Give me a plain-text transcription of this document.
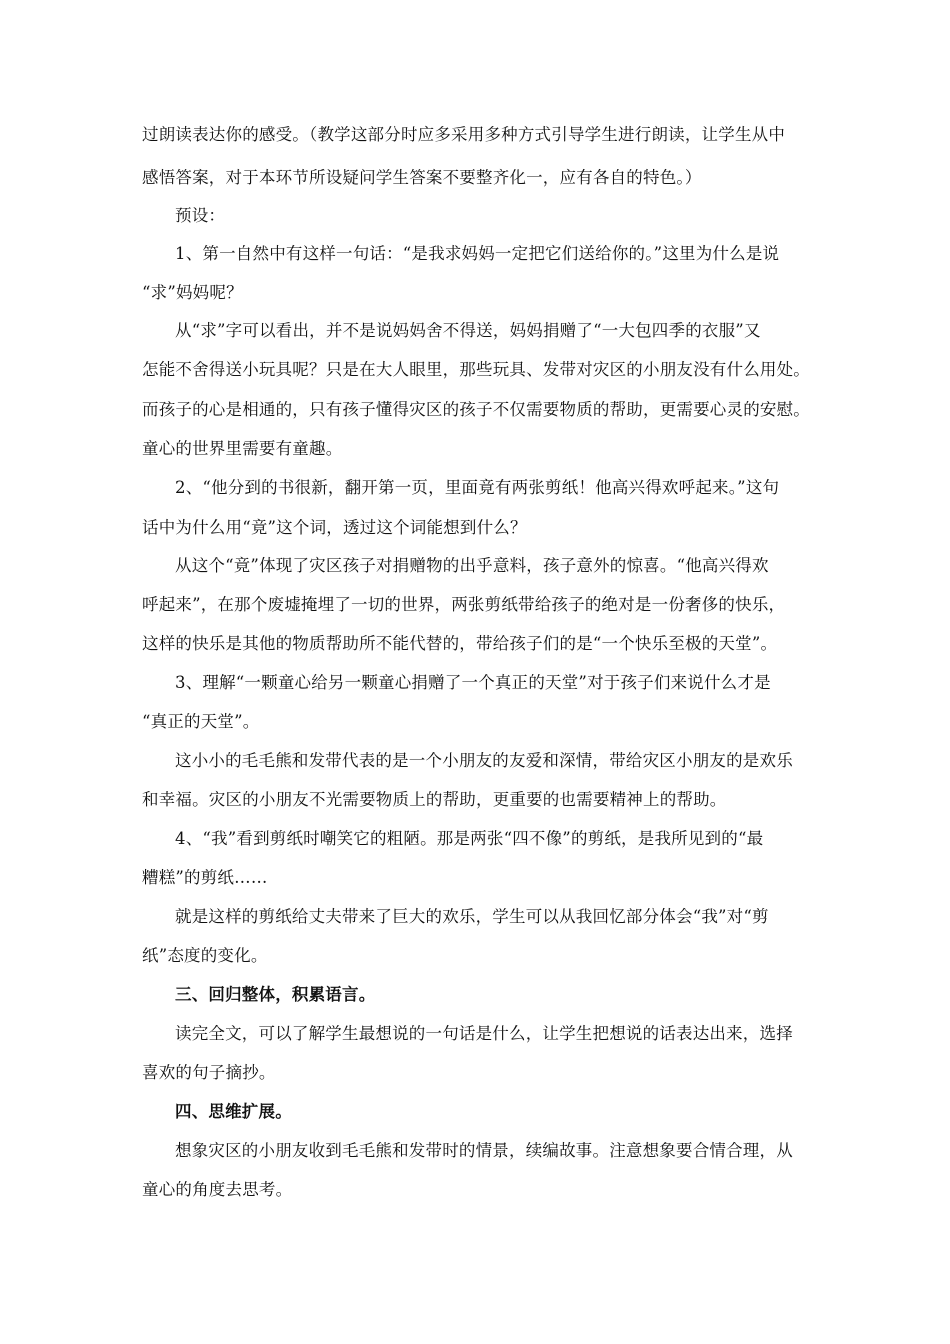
过朗读表达你的感受。（教学这部分时应多采用多种方式引导学生进行朗读，让学生从中
感悟答案，对于本环节所设疑问学生答案不要整齐化一，应有各自的特色。）
预设：
1、第一自然中有这样一句话：“是我求妈妈一定把它们送给你的。”这里为什么是说
“求”妈妈呢？
从“求”字可以看出，并不是说妈妈舍不得送，妈妈捐赠了“一大包四季的衣服”又
怎能不舍得送小玩具呢？只是在大人眼里，那些玩具、发带对灾区的小朋友没有什么用处。
而孩子的心是相通的，只有孩子懂得灾区的孩子不仅需要物质的帮助，更需要心灵的安慰。
童心的世界里需要有童趣。
2、“他分到的书很新，翻开第一页，里面竟有两张剪纸！他高兴得欢呼起来。”这句
话中为什么用“竟”这个词，透过这个词能想到什么？
从这个“竟”体现了灾区孩子对捐赠物的出乎意料，孩子意外的惊喜。“他高兴得欢
呼起来”，在那个废墟掩埋了一切的世界，两张剪纸带给孩子的绝对是一份奢侈的快乐，
这样的快乐是其他的物质帮助所不能代替的，带给孩子们的是“一个快乐至极的天堂”。
3、理解“一颗童心给另一颗童心捐赠了一个真正的天堂”对于孩子们来说什么才是
“真正的天堂”。
这小小的毛毛熊和发带代表的是一个小朋友的友爱和深情，带给灾区小朋友的是欢乐
和幸福。灾区的小朋友不光需要物质上的帮助，更重要的也需要精神上的帮助。
4、“我”看到剪纸时嘲笑它的粗陋。那是两张“四不像”的剪纸，是我所见到的“最
糟糕”的剪纸……
就是这样的剪纸给丈夫带来了巨大的欢乐，学生可以从我回忆部分体会“我”对“剪
纸”态度的变化。
三、回归整体，积累语言。
读完全文，可以了解学生最想说的一句话是什么，让学生把想说的话表达出来，选择
喜欢的句子摘抄。
四、思维扩展。
想象灾区的小朋友收到毛毛熊和发带时的情景，续编故事。注意想象要合情合理，从
童心的角度去思考。
